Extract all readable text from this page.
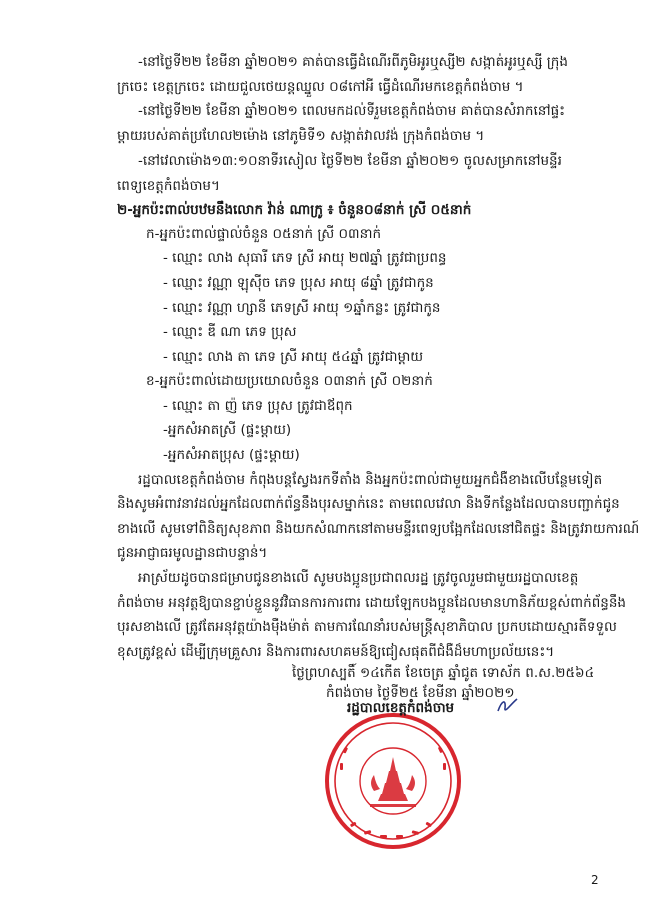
-នៅថ្ងៃទី២២ ខែមីនា ឆ្នាំ២០២១ គាត់បានធ្វើដំណើរពីភូមិអូរឬស្សី២ សង្កាត់អូរឬស្សី ក្រុង
ក្រចេះ ខេត្តក្រចេះ ដោយជួលថេយន្តឈ្នួល ០៨កៅអី ធ្វើដំណើរមកខេត្តកំពង់ចាម ។
-នៅថ្ងៃទី២២ ខែមីនា ឆ្នាំ២០២១ ពេលមកដល់ទីរួមខេត្តកំពង់ចាម គាត់បានសំរាកនៅផ្ទះ
ម្ដាយរបស់គាត់ប្រហែល២ម៉ោង នៅភូមិទី១ សង្កាត់វាលវង់ ក្រុងកំពង់ចាម ។
-នៅវេលាម៉ោង១៣:១០នាទីរសៀល ថ្ងៃទី២២ ខែមីនា ឆ្នាំ២០២១ ចូលសម្រាកនៅមន្ទីរ
ពេទ្យខេត្តកំពង់ចាម។
២-អ្នកប៉ះពាល់បឋមនឹងលោក វ៉ាន់ ណាក្រូ ៖ ចំនួន០៨នាក់ ស្រី ០៥នាក់
ក-អ្នកប៉ះពាល់ផ្ទាល់ចំនួន ០៥នាក់ ស្រី ០៣នាក់
- ឈ្មោះ លាង សុធារី ភេទ ស្រី អាយុ ២៧ឆ្នាំ ត្រូវជាប្រពន្ធ
- ឈ្មោះ វណ្ណា ឡុស៊ីច ភេទ ប្រុស អាយុ ៨ឆ្នាំ ត្រូវជាកូន
- ឈ្មោះ វណ្ណា ហ្សានី ភេទស្រី អាយុ ១ឆ្នាំកន្លះ ត្រូវជាកូន
- ឈ្មោះ ឌី ណា ភេទ ប្រុស
- ឈ្មោះ លាង តា ភេទ ស្រី អាយុ ៥៤ឆ្នាំ ត្រូវជាម្ដាយ
ខ-អ្នកប៉ះពាល់ដោយប្រយោលចំនួន ០៣នាក់ ស្រី ០២នាក់
- ឈ្មោះ តា ញ៉ ភេទ ប្រុស ត្រូវជាឪពុក
-អ្នកសំអាតស្រី (ផ្ទះម្ដាយ)
-អ្នកសំអាតប្រុស (ផ្ទះម្ដាយ)
រដ្ឋបាលខេត្តកំពង់ចាម កំពុងបន្តស្វែងរកទីតាំង និងអ្នកប៉ះពាល់ជាមួយអ្នកជំងឺខាងលើបន្ថែមទៀត
និងសូមអំពាវនាវដល់អ្នកដែលពាក់ព័ន្ធនឹងបុរសម្នាក់នេះ តាមពេលវេលា និងទីកន្លែងដែលបានបញ្ជាក់ជូន
ខាងលើ សូមទៅពិនិត្យសុខភាព និងយកសំណាកនៅតាមមន្ទីរពេទ្យបង្អែកដែលនៅជិតផ្ទះ និងត្រូវរាយការណ៍
ជូនអាជ្ញាធរមូលដ្ឋានជាបន្ទាន់។
អាស្រ័យដូចបានជម្រាបជូនខាងលើ សូមបងប្អូនប្រជាពលរដ្ឋ ត្រូវចូលរួមជាមួយរដ្ឋបាលខេត្ត
កំពង់ចាម អនុវត្តឱ្យបានខ្ជាប់ខ្ជួននូវវិធានការការពារ ដោយឡែកបងប្អូនដែលមានហានិភ័យខ្ពស់ពាក់ព័ន្ធនឹង
បុរសខាងលើ ត្រូវតែអនុវត្តយ៉ាងម៉ឺងម៉ាត់ តាមការណែនាំរបស់មន្ត្រីសុខាភិបាល ប្រកបដោយស្មារតីទទួល
ខុសត្រូវខ្ពស់ ដើម្បីក្រុមគ្រួសារ និងការពារសហគមន៍ឱ្យជៀសផុតពីជំងឺដ៏មហាប្រល័យនេះ។
ថ្ងៃព្រហស្បតិ៍ ១៤កើត ខែចេត្រ ឆ្នាំជូត ទោស័ក ព.ស.២៥៦៤
កំពង់ចាម ថ្ងៃទី២៥ ខែមីនា ឆ្នាំ២០២១
រដ្ឋបាលខេត្តកំពង់ចាម
2
